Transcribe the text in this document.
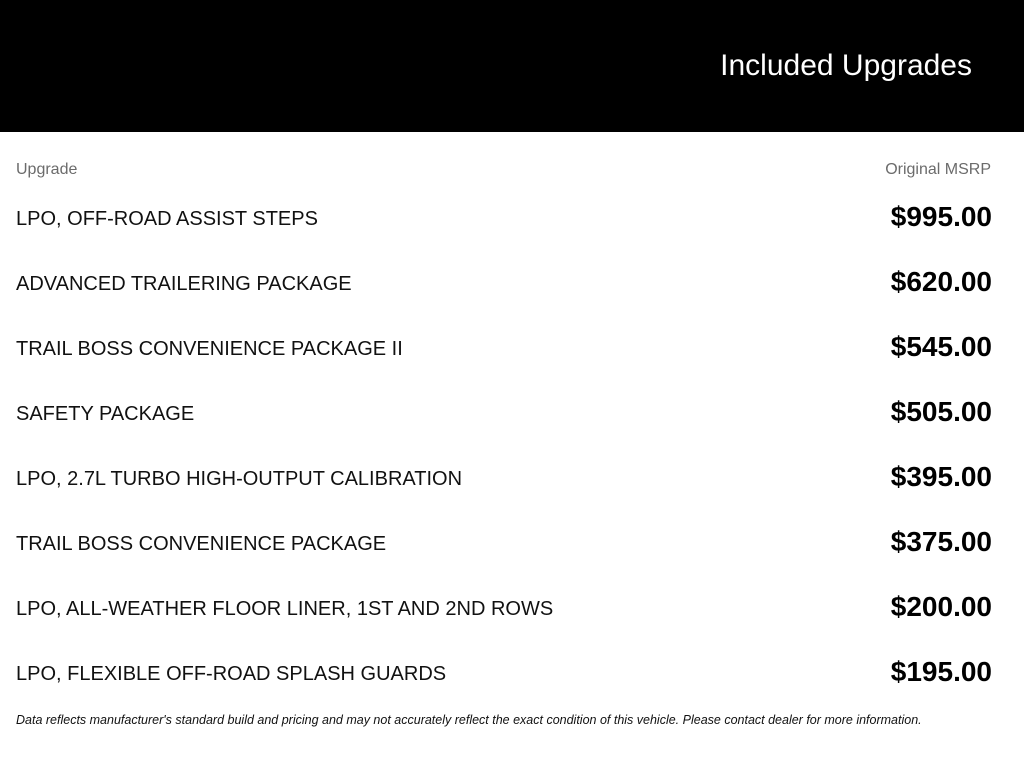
Included Upgrades
Upgrade	Original MSRP
LPO, OFF-ROAD ASSIST STEPS	$995.00
ADVANCED TRAILERING PACKAGE	$620.00
TRAIL BOSS CONVENIENCE PACKAGE II	$545.00
SAFETY PACKAGE	$505.00
LPO, 2.7L TURBO HIGH-OUTPUT CALIBRATION	$395.00
TRAIL BOSS CONVENIENCE PACKAGE	$375.00
LPO, ALL-WEATHER FLOOR LINER, 1ST AND 2ND ROWS	$200.00
LPO, FLEXIBLE OFF-ROAD SPLASH GUARDS	$195.00
Data reflects manufacturer's standard build and pricing and may not accurately reflect the exact condition of this vehicle. Please contact dealer for more information.
